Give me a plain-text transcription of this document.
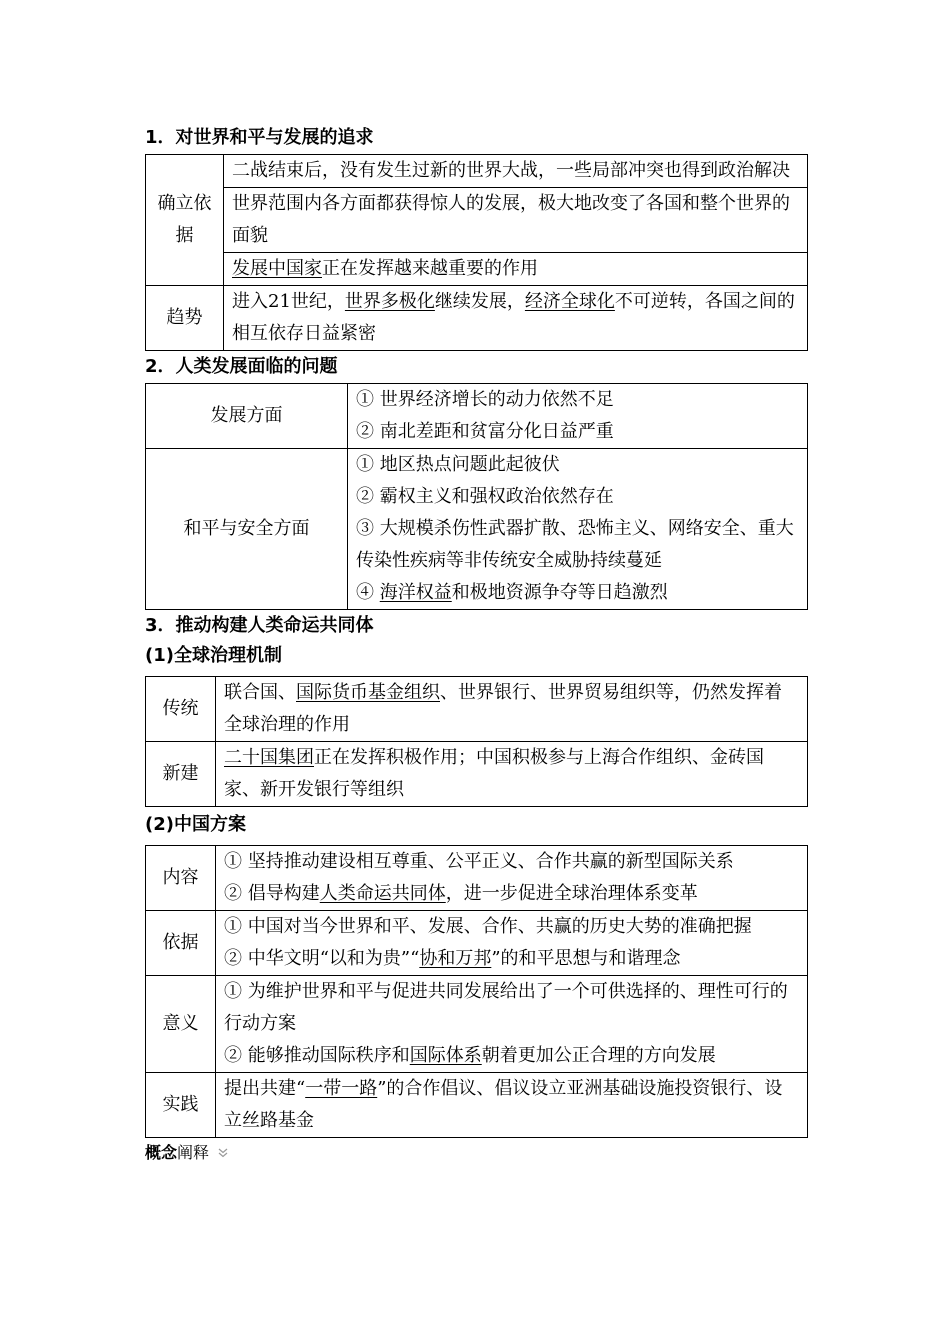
1．对世界和平与发展的追求
确立依据	二战结束后，没有发生过新的世界大战，一些局部冲突也得到政治解决
世界范围内各方面都获得惊人的发展，极大地改变了各国和整个世界的面貌
发展中国家正在发挥越来越重要的作用

趋势	进入21世纪，世界多极化继续发展，经济全球化不可逆转，各国之间的相互依存日益紧密
2．人类发展面临的问题
发展方面	① 世界经济增长的动力依然不足
② 南北差距和贫富分化日益严重

和平与安全方面	① 地区热点问题此起彼伏
② 霸权主义和强权政治依然存在
③ 大规模杀伤性武器扩散、恐怖主义、网络安全、重大传染性疾病等非传统安全威胁持续蔓延
④ 海洋权益和极地资源争夺等日趋激烈
3．推动构建人类命运共同体
(1)全球治理机制
传统	联合国、国际货币基金组织、世界银行、世界贸易组织等，仍然发挥着全球治理的作用
新建	二十国集团正在发挥积极作用；中国积极参与上海合作组织、金砖国家、新开发银行等组织
(2)中国方案
内容	① 坚持推动建设相互尊重、公平正义、合作共赢的新型国际关系
② 倡导构建人类命运共同体，进一步促进全球治理体系变革

依据	① 中国对当今世界和平、发展、合作、共赢的历史大势的准确把握
② 中华文明“以和为贵”“协和万邦”的和平思想与和谐理念

意义	① 为维护世界和平与促进共同发展给出了一个可供选择的、理性可行的行动方案
② 能够推动国际秩序和国际体系朝着更加公正合理的方向发展

实践	提出共建“一带一路”的合作倡议、倡议设立亚洲基础设施投资银行、设立丝路基金
概念阐释
